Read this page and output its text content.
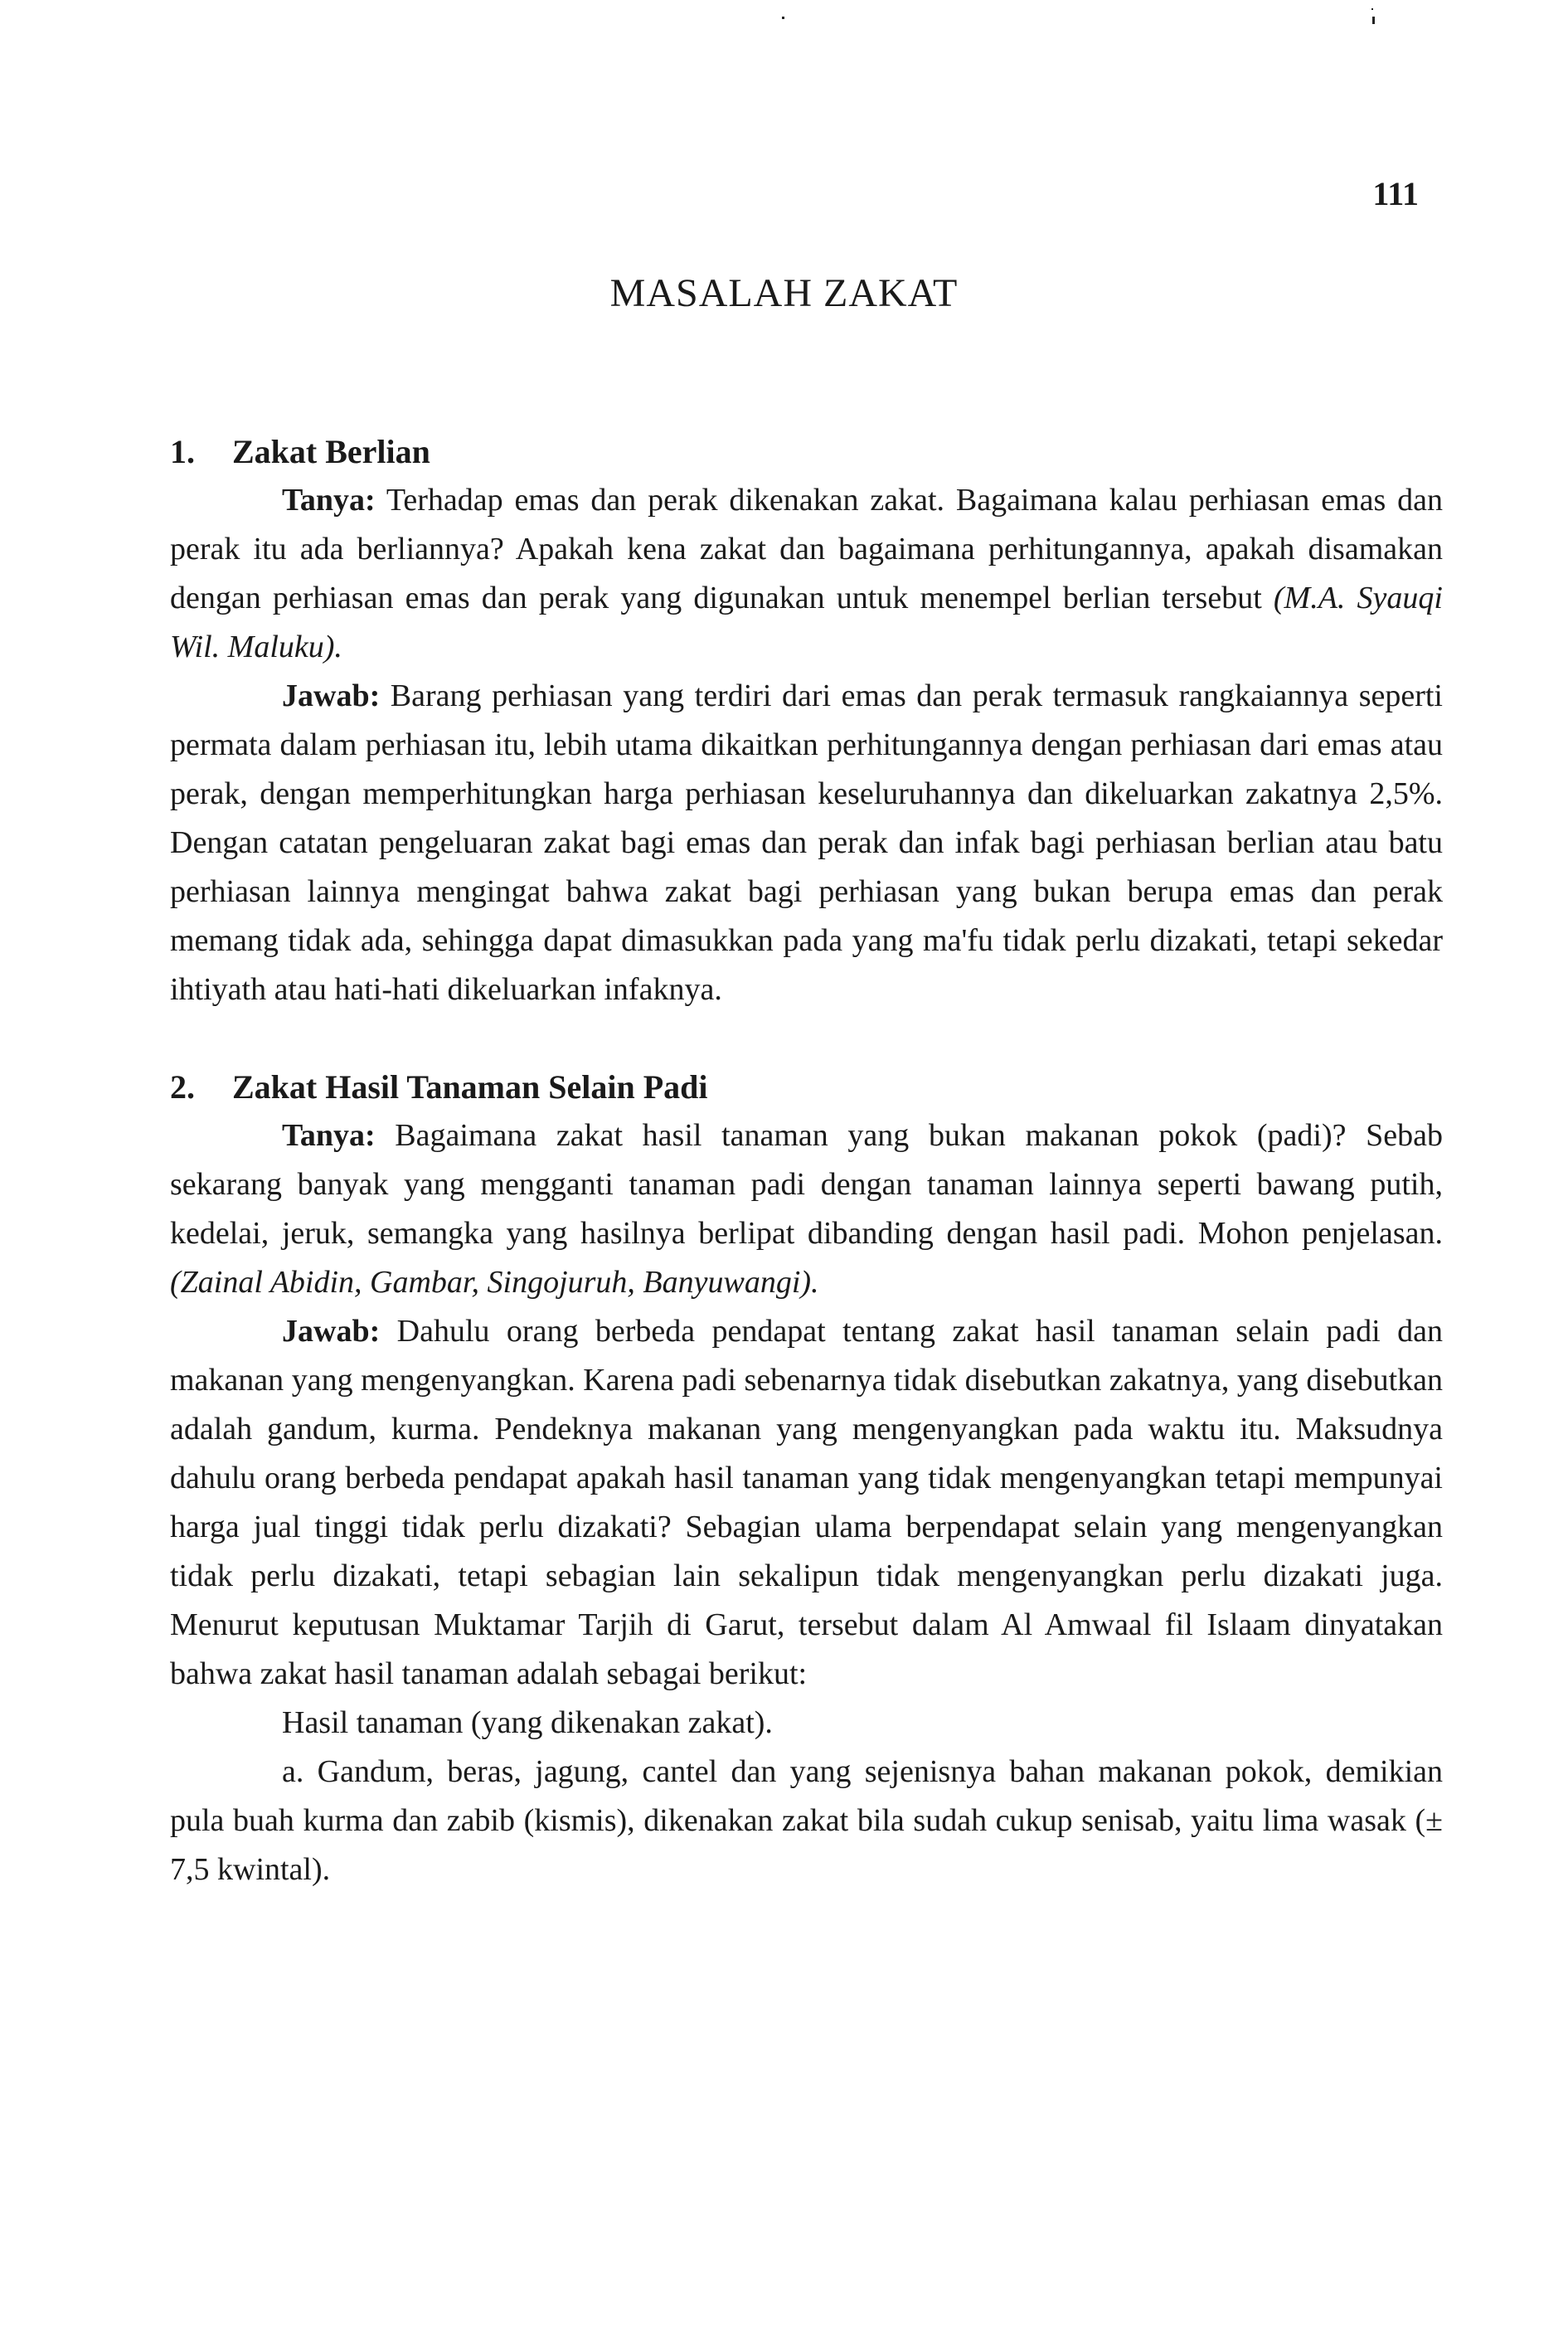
111
MASALAH ZAKAT

1. Zakat Berlian

Tanya: Terhadap emas dan perak dikenakan zakat. Bagaimana kalau perhiasan emas dan perak itu ada berliannya? Apakah kena zakat dan bagaimana perhitungannya, apakah disamakan dengan perhiasan emas dan perak yang digunakan untuk menempel berlian tersebut (M.A. Syauqi Wil. Maluku).

Jawab: Barang perhiasan yang terdiri dari emas dan perak termasuk rangkaiannya seperti permata dalam perhiasan itu, lebih utama dikaitkan perhitungannya dengan perhiasan dari emas atau perak, dengan memperhitungkan harga perhiasan keseluruhannya dan dikeluarkan zakatnya 2,5%. Dengan catatan pengeluaran zakat bagi emas dan perak dan infak bagi perhiasan berlian atau batu perhiasan lainnya mengingat bahwa zakat bagi perhiasan yang bukan berupa emas dan perak memang tidak ada, sehingga dapat dimasukkan pada yang ma'fu tidak perlu dizakati, tetapi sekedar ihtiyath atau hati-hati dikeluarkan infaknya.

2. Zakat Hasil Tanaman Selain Padi

Tanya: Bagaimana zakat hasil tanaman yang bukan makanan pokok (padi)? Sebab sekarang banyak yang mengganti tanaman padi dengan tanaman lainnya seperti bawang putih, kedelai, jeruk, semangka yang hasilnya berlipat dibanding dengan hasil padi. Mohon penjelasan. (Zainal Abidin, Gambar, Singojuruh, Banyuwangi).

Jawab: Dahulu orang berbeda pendapat tentang zakat hasil tanaman selain padi dan makanan yang mengenyangkan. Karena padi sebenarnya tidak disebutkan zakatnya, yang disebutkan adalah gandum, kurma. Pendeknya makanan yang mengenyangkan pada waktu itu. Maksudnya dahulu orang berbeda pendapat apakah hasil tanaman yang tidak mengenyangkan tetapi mempunyai harga jual tinggi tidak perlu dizakati? Sebagian ulama berpendapat selain yang mengenyangkan tidak perlu dizakati, tetapi sebagian lain sekalipun tidak mengenyangkan perlu dizakati juga. Menurut keputusan Muktamar Tarjih di Garut, tersebut dalam Al Amwaal fil Islaam dinyatakan bahwa zakat hasil tanaman adalah sebagai berikut:

Hasil tanaman (yang dikenakan zakat).

a. Gandum, beras, jagung, cantel dan yang sejenisnya bahan makanan pokok, demikian pula buah kurma dan zabib (kismis), dikenakan zakat bila sudah cukup senisab, yaitu lima wasak (± 7,5 kwintal).
